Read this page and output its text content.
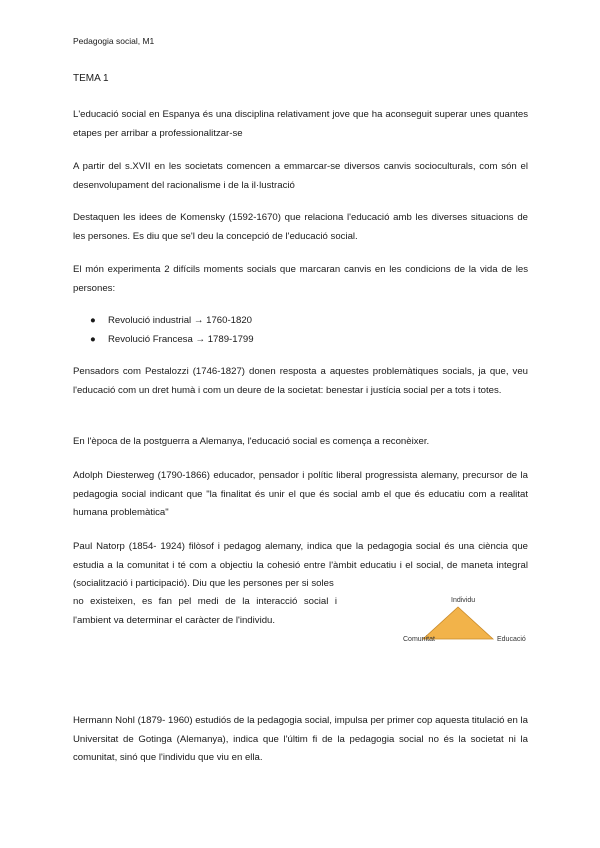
Pedagogia social, M1
TEMA 1

L'educació social en Espanya és una disciplina relativament jove que ha aconseguit superar unes quantes etapes per arribar a professionalitzar-se

A partir del s.XVII en les societats comencen a emmarcar-se diversos canvis socioculturals, com són el desenvolupament del racionalisme i de la il·lustració

Destaquen les idees de Komensky (1592-1670) que relaciona l'educació amb les diverses situacions de les persones. Es diu que se'l deu la concepció de l'educació social.

El món experimenta 2 difícils moments socials que marcaran canvis en les condicions de la vida de les persones:

● Revolució industrial → 1760-1820
● Revolució Francesa → 1789-1799

Pensadors com Pestalozzi (1746-1827) donen resposta a aquestes problemàtiques socials, ja que, veu l'educació com un dret humà i com un deure de la societat: benestar i justícia social per a tots i totes.

En l'època de la postguerra a Alemanya, l'educació social es comença a reconèixer.

Adolph Diesterweg (1790-1866) educador, pensador i polític liberal progressista alemany, precursor de la pedagogia social indicant que "la finalitat és unir el que és social amb el que és educatiu com a realitat humana problemàtica"

Paul Natorp (1854- 1924) filòsof i pedagog alemany, indica que la pedagogia social és una ciència que estudia a la comunitat i té com a objectiu la cohesió entre l'àmbit educatiu i el social, de maneta integral (socialització i participació). Diu que les persones per si soles

no existeixen, es fan pel medi de la interacció social i l'ambient va determinar el caràcter de l'individu.

Individu
Comunitat	Educació

Hermann Nohl (1879- 1960) estudiós de la pedagogia social, impulsa per primer cop aquesta titulació en la Universitat de Gotinga (Alemanya), indica que l'últim fi de la pedagogia social no és la societat ni la comunitat, sinó que l'individu que viu en ella.
